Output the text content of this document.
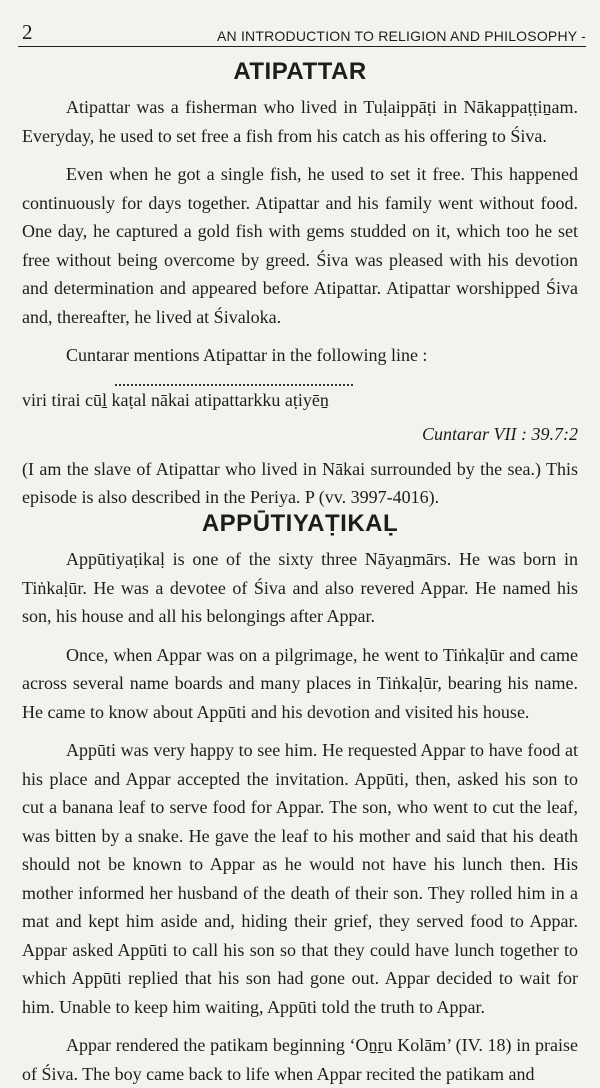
2	AN INTRODUCTION TO RELIGION AND PHILOSOPHY -
ATIPATTAR

Atipattar was a fisherman who lived in Tuḷaippāṭi in Nākappaṭṭiṉam. Everyday, he used to set free a fish from his catch as his offering to Śiva.

Even when he got a single fish, he used to set it free. This happened continuously for days together. Atipattar and his family went without food. One day, he captured a gold fish with gems studded on it, which too he set free without being overcome by greed. Śiva was pleased with his devotion and determination and appeared before Atipattar. Atipattar worshipped Śiva and, thereafter, he lived at Śivaloka.

Cuntarar mentions Atipattar in the following line :

viri tirai cūḻ kaṭal nākai atipattarkku aṭiyēṉ

Cuntarar VII : 39.7:2

(I am the slave of Atipattar who lived in Nākai surrounded by the sea.) This episode is also described in the Periya. P (vv. 3997-4016).

APPŪTIYAṬIKAḶ

Appūtiyaṭikaḷ is one of the sixty three Nāyaṉmārs. He was born in Tiṅkaḷūr. He was a devotee of Śiva and also revered Appar. He named his son, his house and all his belongings after Appar.

Once, when Appar was on a pilgrimage, he went to Tiṅkaḷūr and came across several name boards and many places in Tiṅkaḷūr, bearing his name. He came to know about Appūti and his devotion and visited his house.

Appūti was very happy to see him. He requested Appar to have food at his place and Appar accepted the invitation. Appūti, then, asked his son to cut a banana leaf to serve food for Appar. The son, who went to cut the leaf, was bitten by a snake. He gave the leaf to his mother and said that his death should not be known to Appar as he would not have his lunch then. His mother informed her husband of the death of their son. They rolled him in a mat and kept him aside and, hiding their grief, they served food to Appar. Appar asked Appūti to call his son so that they could have lunch together to which Appūti replied that his son had gone out. Appar decided to wait for him. Unable to keep him waiting, Appūti told the truth to Appar.

Appar rendered the patikam beginning ‘Oṉṟu Kolām’ (IV. 18) in praise of Śiva. The boy came back to life when Appar recited the patikam and
